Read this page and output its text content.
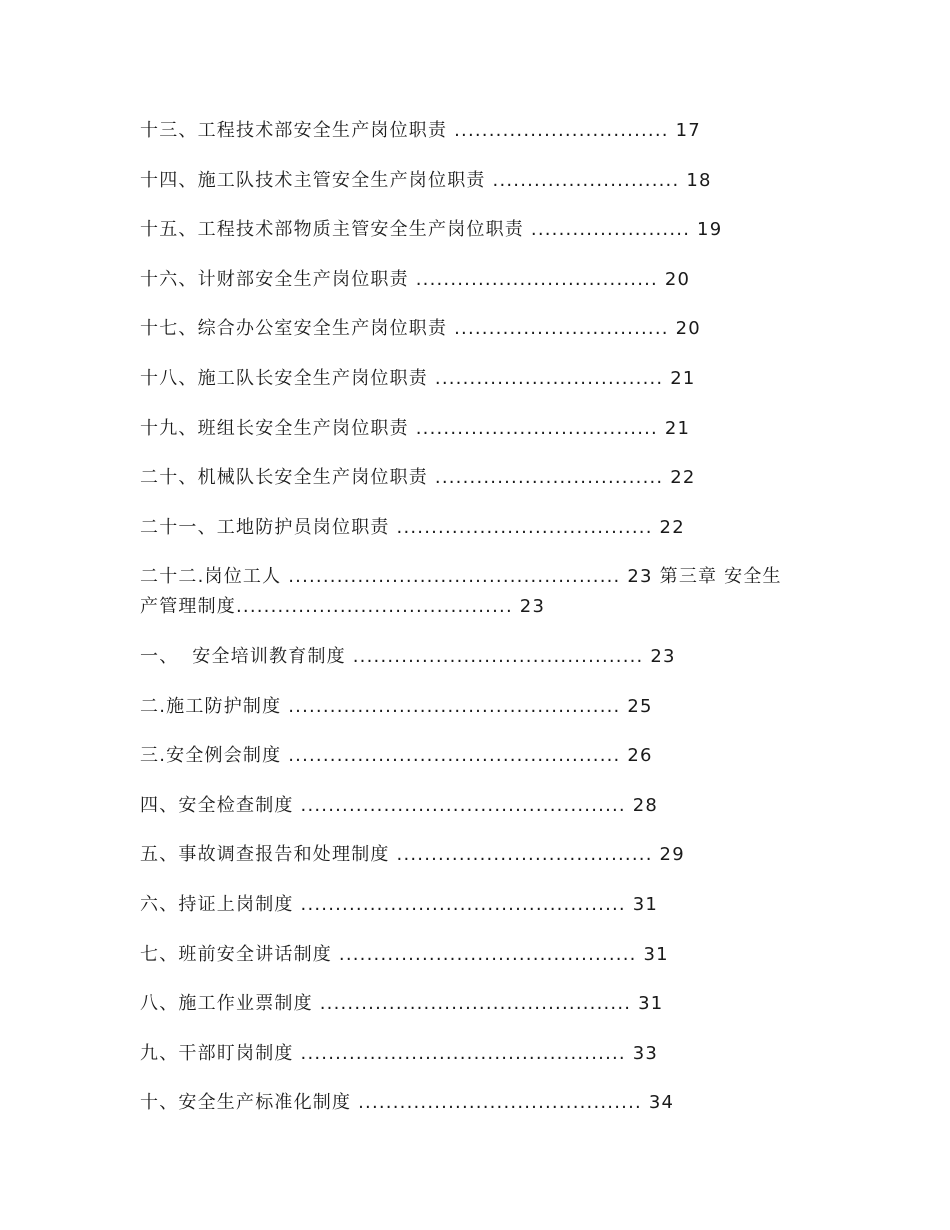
十三、工程技术部安全生产岗位职责 ............................... 17
十四、施工队技术主管安全生产岗位职责 ........................... 18
十五、工程技术部物质主管安全生产岗位职责 ....................... 19
十六、计财部安全生产岗位职责 ................................... 20
十七、综合办公室安全生产岗位职责 ............................... 20
十八、施工队长安全生产岗位职责 ................................. 21
十九、班组长安全生产岗位职责 ................................... 21
二十、机械队长安全生产岗位职责 ................................. 22
二十一、工地防护员岗位职责 ..................................... 22
二十二.岗位工人 ................................................ 23 第三章 安全生
产管理制度........................................ 23
一、  安全培训教育制度 .......................................... 23
二.施工防护制度 ................................................ 25
三.安全例会制度 ................................................ 26
四、安全检查制度 ............................................... 28
五、事故调查报告和处理制度 ..................................... 29
六、持证上岗制度 ............................................... 31
七、班前安全讲话制度 ........................................... 31
八、施工作业票制度 ............................................. 31
九、干部盯岗制度 ............................................... 33
十、安全生产标准化制度 ......................................... 34
